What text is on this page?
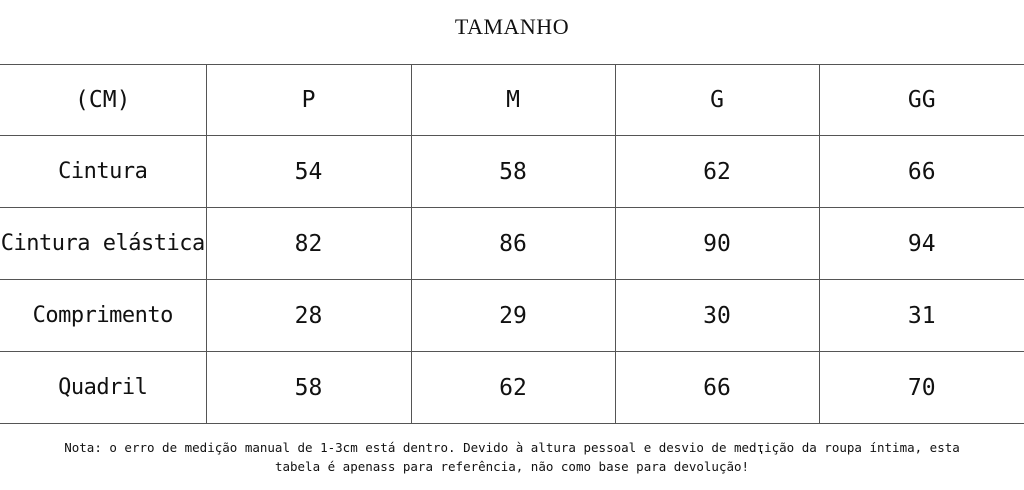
TAMANHO
(CM)	P	M	G	GG
Cintura	54	58	62	66
Cintura elástica	82	86	90	94
Comprimento	28	29	30	31
Quadril	58	62	66	70
Nota: o erro de medição manual de 1-3cm está dentro. Devido à altura pessoal e desvio de medҭição da roupa íntima, esta
tabela é apenass para referência, não como base para devolução!
